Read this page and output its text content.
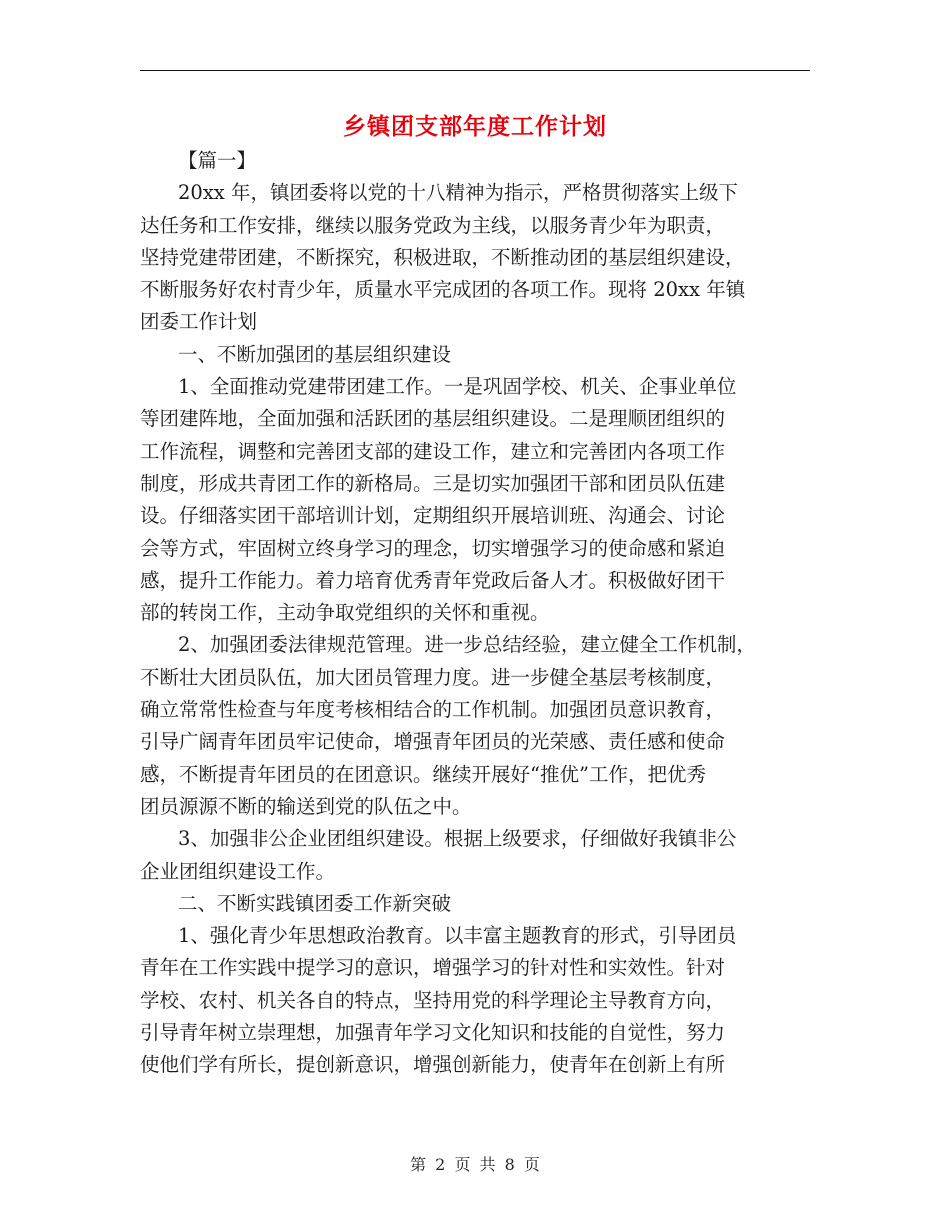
乡镇团支部年度工作计划
【篇一】
20xx 年，镇团委将以党的十八精神为指示，严格贯彻落实上级下
达任务和工作安排，继续以服务党政为主线，以服务青少年为职责，
坚持党建带团建，不断探究，积极进取，不断推动团的基层组织建设，
不断服务好农村青少年，质量水平完成团的各项工作。现将 20xx 年镇
团委工作计划
一、不断加强团的基层组织建设
1、全面推动党建带团建工作。一是巩固学校、机关、企事业单位
等团建阵地，全面加强和活跃团的基层组织建设。二是理顺团组织的
工作流程，调整和完善团支部的建设工作，建立和完善团内各项工作
制度，形成共青团工作的新格局。三是切实加强团干部和团员队伍建
设。仔细落实团干部培训计划，定期组织开展培训班、沟通会、讨论
会等方式，牢固树立终身学习的理念，切实增强学习的使命感和紧迫
感，提升工作能力。着力培育优秀青年党政后备人才。积极做好团干
部的转岗工作，主动争取党组织的关怀和重视。
2、加强团委法律规范管理。进一步总结经验，建立健全工作机制，
不断壮大团员队伍，加大团员管理力度。进一步健全基层考核制度，
确立常常性检查与年度考核相结合的工作机制。加强团员意识教育，
引导广阔青年团员牢记使命，增强青年团员的光荣感、责任感和使命
感，不断提青年团员的在团意识。继续开展好“推优”工作，把优秀
团员源源不断的输送到党的队伍之中。
3、加强非公企业团组织建设。根据上级要求，仔细做好我镇非公
企业团组织建设工作。
二、不断实践镇团委工作新突破
1、强化青少年思想政治教育。以丰富主题教育的形式，引导团员
青年在工作实践中提学习的意识，增强学习的针对性和实效性。针对
学校、农村、机关各自的特点，坚持用党的科学理论主导教育方向，
引导青年树立崇理想，加强青年学习文化知识和技能的自觉性，努力
使他们学有所长，提创新意识，增强创新能力，使青年在创新上有所
第 2 页 共 8 页
